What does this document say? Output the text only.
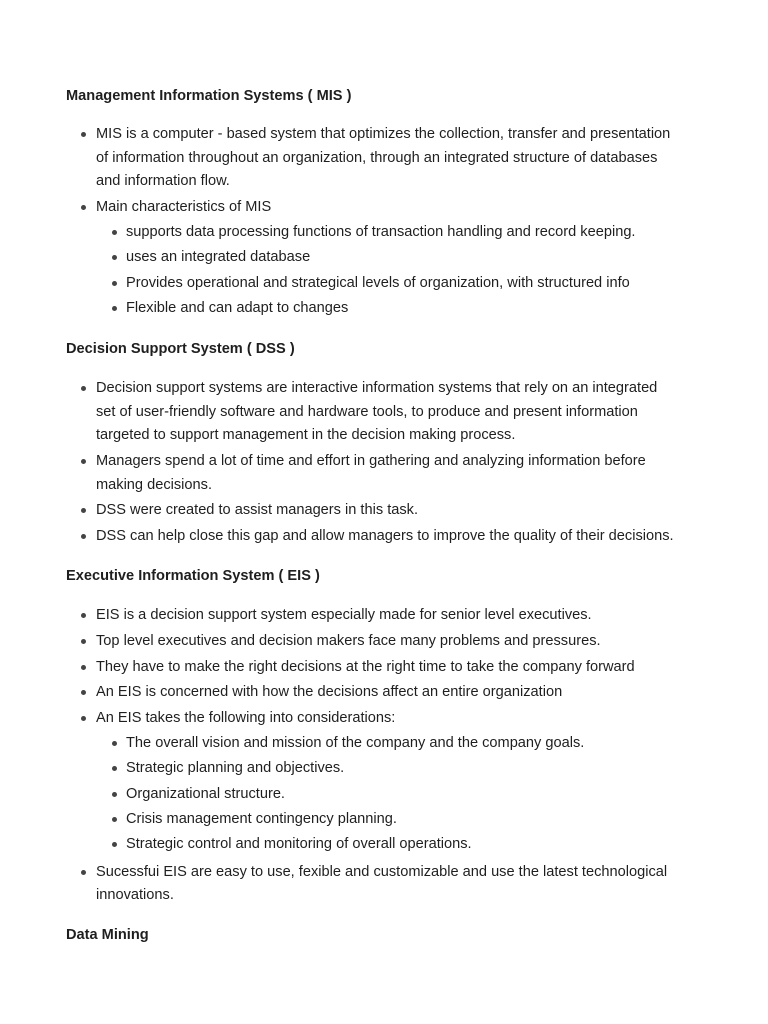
Management Information Systems ( MIS )

MIS is a computer - based system that optimizes the collection, transfer and presentation

of information throughout an organization, through an integrated structure of databases

and information flow.

Main characteristics of MIS

supports data processing functions of transaction handling and record keeping.

uses an integrated database

Provides operational and strategical levels of organization, with structured info

Flexible and can adapt to changes

Decision Support System ( DSS )

Decision support systems are interactive information systems that rely on an integrated

set of user-friendly software and hardware tools, to produce and present information

targeted to support management in the decision making process.

Managers spend a lot of time and effort in gathering and analyzing information before

making decisions.

DSS were created to assist managers in this task.

DSS can help close this gap and allow managers to improve the quality of their decisions.

Executive Information System ( EIS )

EIS is a decision support system especially made for senior level executives.

Top level executives and decision makers face many problems and pressures.

They have to make the right decisions at the right time to take the company forward

An EIS is concerned with how the decisions affect an entire organization

An EIS takes the following into considerations:

The overall vision and mission of the company and the company goals.

Strategic planning and objectives.

Organizational structure.

Crisis management contingency planning.

Strategic control and monitoring of overall operations.

Sucessfui EIS are easy to use, fexible and customizable and use the latest technological

innovations.

Data Mining
